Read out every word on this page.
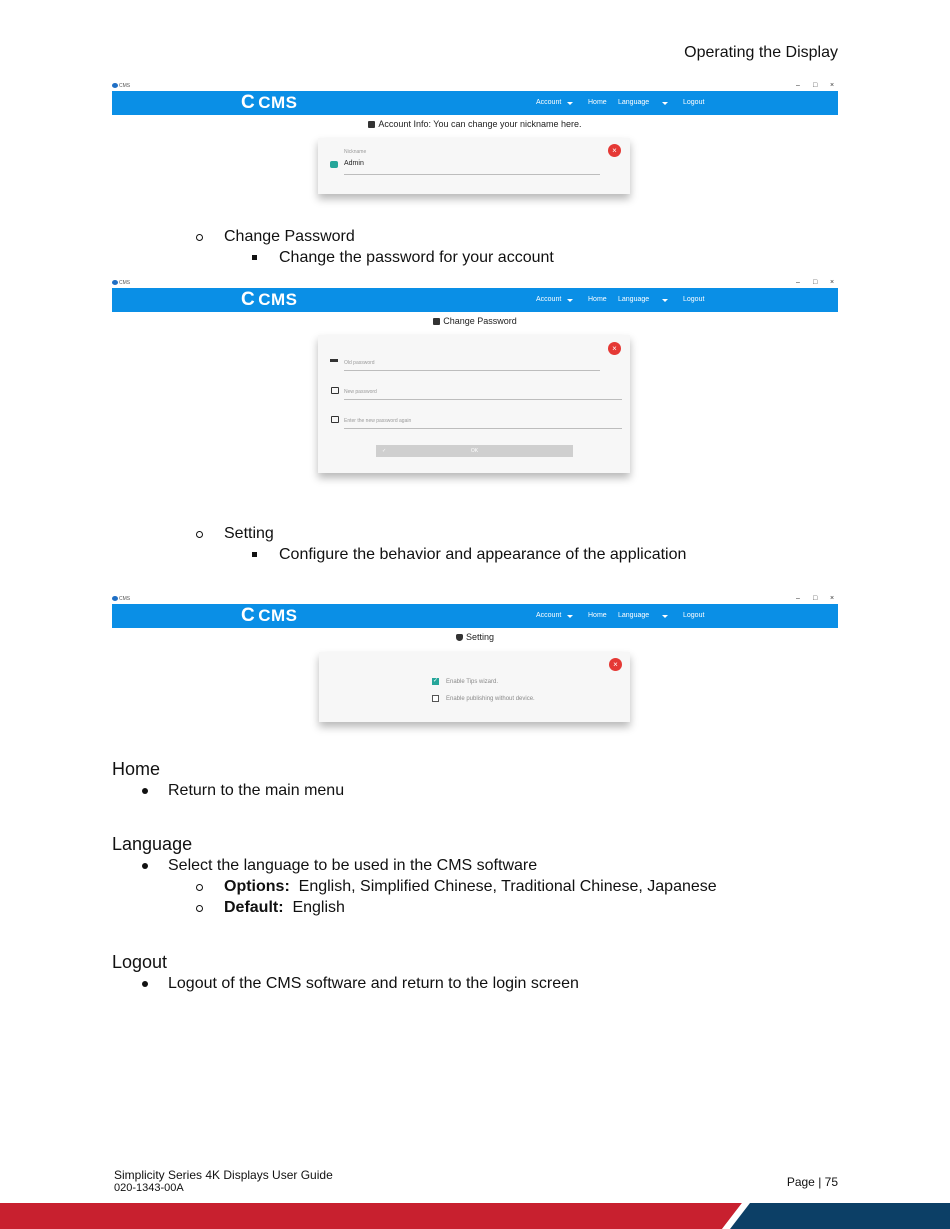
Operating the Display
CMS	– □ ×
C CMS	Account	Home Language	Logout
Account Info: You can change your nickname here.
×
Nickname
Admin
Change Password
Change the password for your account
CMS	– □ ×
C CMS	Account	Home Language	Logout
Change Password
×
Old password
New password
Enter the new password again
✓	OK
Setting
Configure the behavior and appearance of the application
CMS	– □ ×
C CMS	Account	Home Language	Logout
Setting
×
✓ Enable Tips wizard.
Enable publishing without device.
Home
Return to the main menu
Language
Select the language to be used in the CMS software
Options: English, Simplified Chinese, Traditional Chinese, Japanese
Default: English
Logout
Logout of the CMS software and return to the login screen
Simplicity Series 4K Displays User Guide
020-1343-00A	Page | 75
